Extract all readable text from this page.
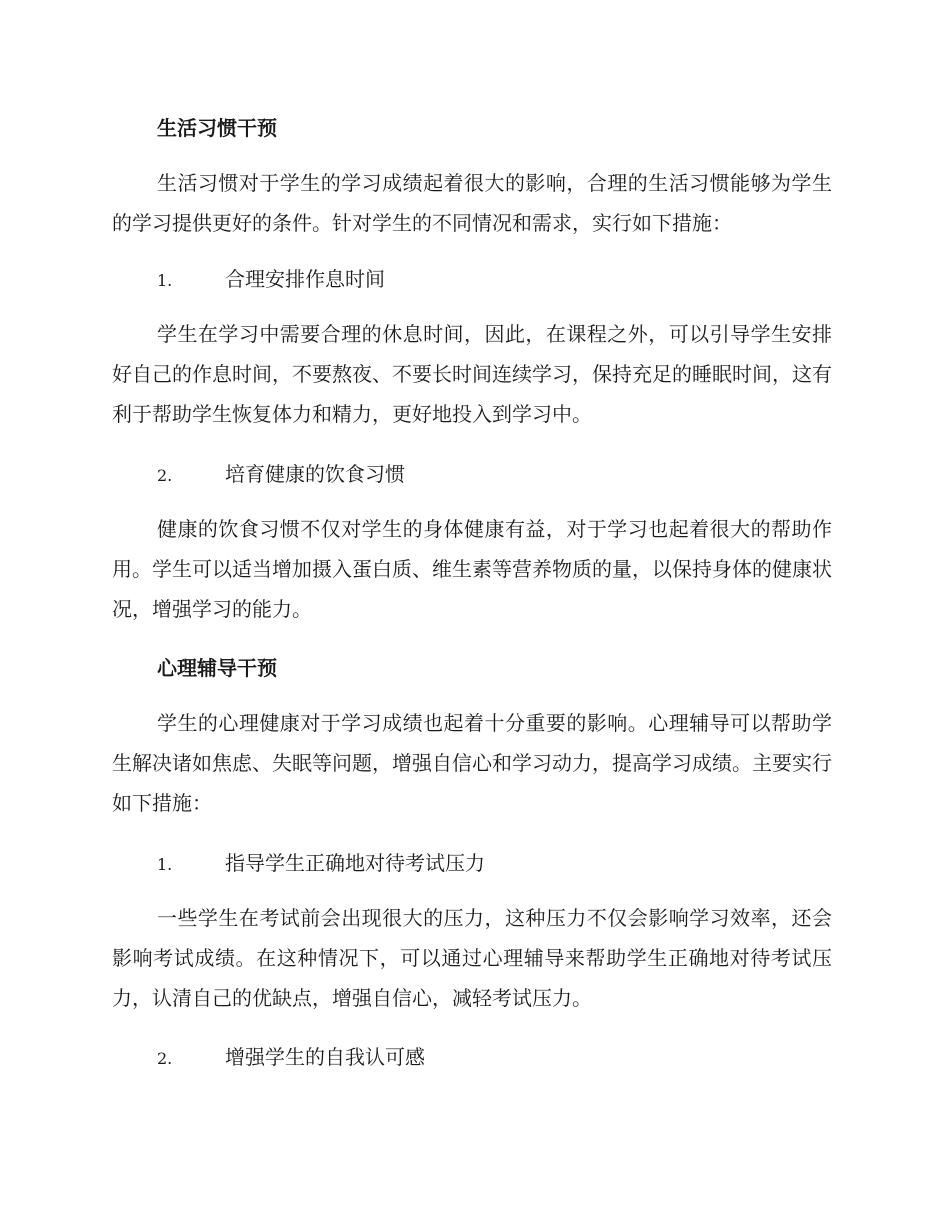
生活习惯干预
生活习惯对于学生的学习成绩起着很大的影响，合理的生活习惯能够为学生的学习提供更好的条件。针对学生的不同情况和需求，实行如下措施：
1.	合理安排作息时间
学生在学习中需要合理的休息时间，因此，在课程之外，可以引导学生安排好自己的作息时间，不要熬夜、不要长时间连续学习，保持充足的睡眠时间，这有利于帮助学生恢复体力和精力，更好地投入到学习中。
2.	培育健康的饮食习惯
健康的饮食习惯不仅对学生的身体健康有益，对于学习也起着很大的帮助作用。学生可以适当增加摄入蛋白质、维生素等营养物质的量，以保持身体的健康状况，增强学习的能力。
心理辅导干预
学生的心理健康对于学习成绩也起着十分重要的影响。心理辅导可以帮助学生解决诸如焦虑、失眠等问题，增强自信心和学习动力，提高学习成绩。主要实行如下措施：
1.	指导学生正确地对待考试压力
一些学生在考试前会出现很大的压力，这种压力不仅会影响学习效率，还会影响考试成绩。在这种情况下，可以通过心理辅导来帮助学生正确地对待考试压力，认清自己的优缺点，增强自信心，减轻考试压力。
2.	增强学生的自我认可感
